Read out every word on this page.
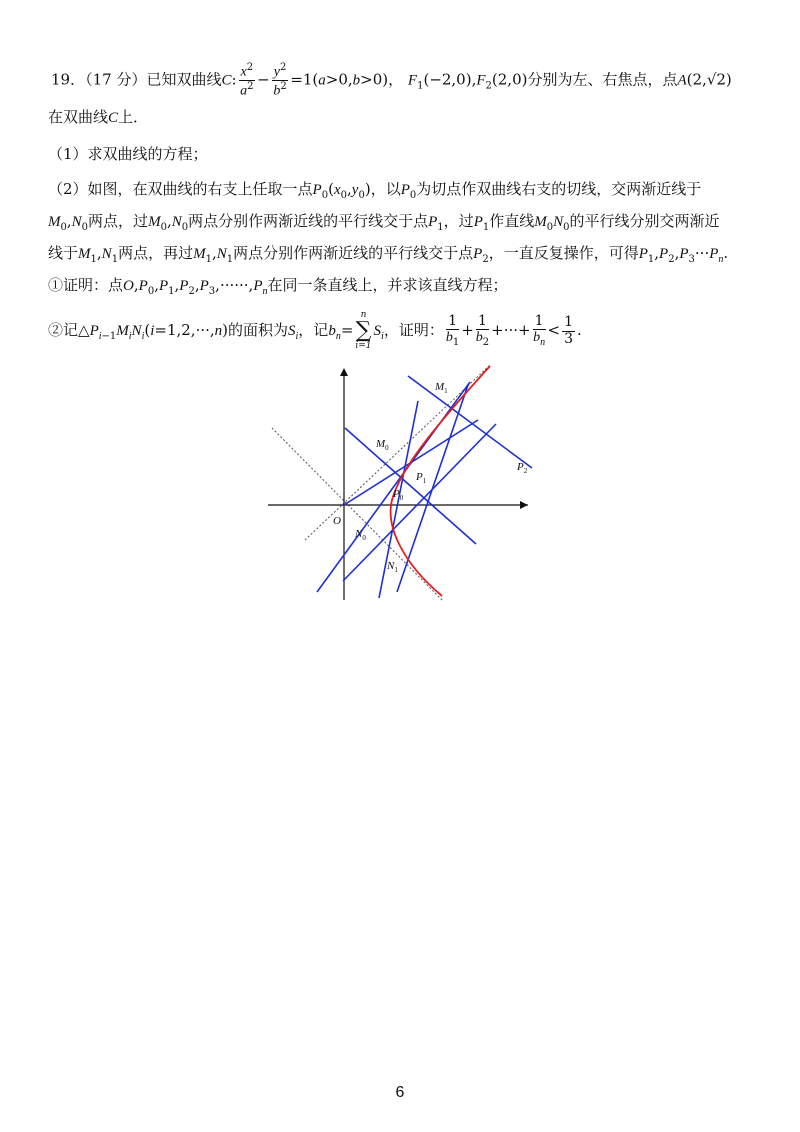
19．（17 分）已知双曲线C: $\frac{x^2}{a^2} - \frac{y^2}{b^2} =1(a>0,b>0)$， $F_1(-2,0),F_2(2,0)$分别为左、右焦点，点A(2,√2)
在双曲线C上．
（1）求双曲线的方程；
（2）如图，在双曲线的右支上任取一点$P_0(x_0,y_0)$，以$P_0$为切点作双曲线右支的切线，交两渐近线于
$M_0,N_0$两点，过$M_0,N_0$两点分别作两渐近线的平行线交于点$P_1$，过$P_1$作直线$M_0N_0$的平行线分别交两渐近
线于$M_1,N_1$两点，再过$M_1,N_1$两点分别作两渐近线的平行线交于点$P_2$，一直反复操作，可得$P_1,P_2,P_3\cdot\cdot\cdot P_n$.
①证明：点$O,P_0,P_1,P_2,P_3,\cdot\cdot\cdot\cdot\cdot\cdot,P_n$在同一条直线上，并求该直线方程；
②记$\triangle P_{i-1}M_iN_i(i=1,2,\cdot\cdot\cdot,n)$的面积为$S_i$，记$b_n=$
n
∑
i=1
$S_i$，证明： $\frac{1}{b_1} + \frac{1}{b_2}$ +···+ $\frac{1}{b_n} < \frac{1}{3}$ .
$M_1$
$M_0$
$P_1$
$P_0$
$P_2$
O
$N_0$
$N_1$
6
